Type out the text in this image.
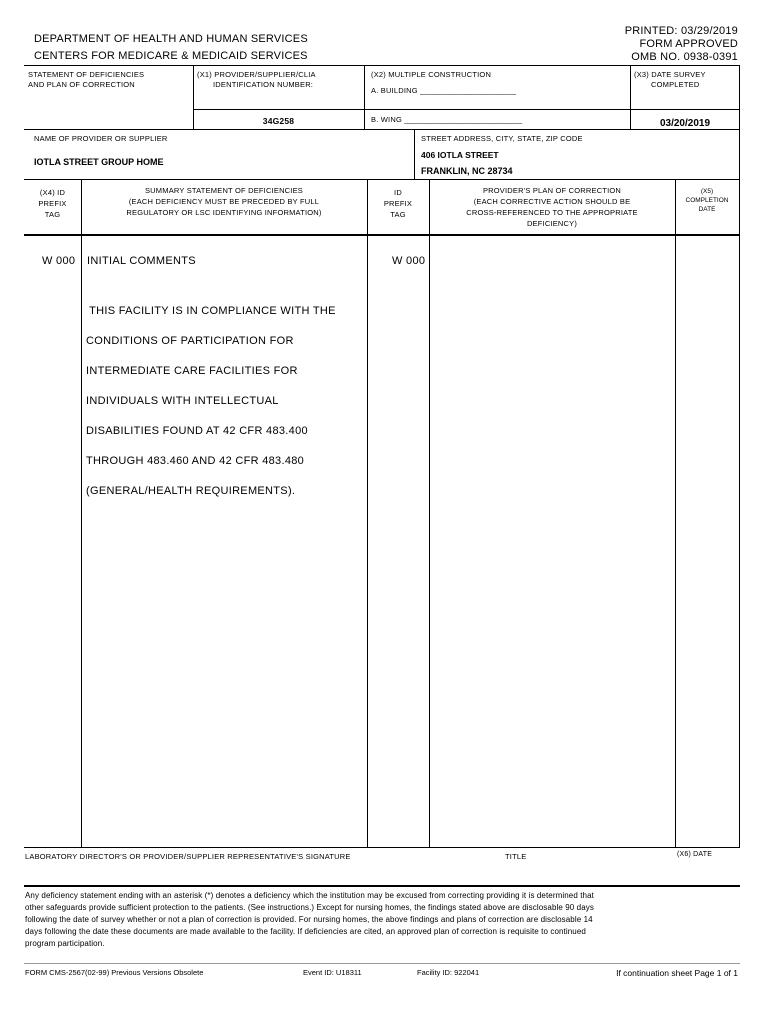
DEPARTMENT OF HEALTH AND HUMAN SERVICES
CENTERS FOR MEDICARE & MEDICAID SERVICES
PRINTED: 03/29/2019
FORM APPROVED
OMB NO. 0938-0391
STATEMENT OF DEFICIENCIES
AND PLAN OF CORRECTION
(X1) PROVIDER/SUPPLIER/CLIA
IDENTIFICATION NUMBER:
34G258
(X2) MULTIPLE CONSTRUCTION
A. BUILDING ______________________
B. WING ___________________________
(X3) DATE SURVEY
COMPLETED
03/20/2019
NAME OF PROVIDER OR SUPPLIER
IOTLA STREET GROUP HOME
STREET ADDRESS, CITY, STATE, ZIP CODE
406 IOTLA STREET
FRANKLIN, NC 28734
(X4) ID
PREFIX
TAG
SUMMARY STATEMENT OF DEFICIENCIES
(EACH DEFICIENCY MUST BE PRECEDED BY FULL
REGULATORY OR LSC IDENTIFYING INFORMATION)
ID
PREFIX
TAG
PROVIDER'S PLAN OF CORRECTION
(EACH CORRECTIVE ACTION SHOULD BE
CROSS-REFERENCED TO THE APPROPRIATE
DEFICIENCY)
(X5)
COMPLETION
DATE
W 000 INITIAL COMMENTS	W 000

THIS FACILITY IS IN COMPLIANCE WITH THE

CONDITIONS OF PARTICIPATION FOR

INTERMEDIATE CARE FACILITIES FOR

INDIVIDUALS WITH INTELLECTUAL

DISABILITIES FOUND AT 42 CFR 483.400

THROUGH 483.460 AND 42 CFR 483.480

(GENERAL/HEALTH REQUIREMENTS).

LABORATORY DIRECTOR'S OR PROVIDER/SUPPLIER REPRESENTATIVE'S SIGNATURE	TITLE	(X6) DATE
Any deficiency statement ending with an asterisk (*) denotes a deficiency which the institution may be excused from correcting providing it is determined that
other safeguards provide sufficient protection to the patients. (See instructions.) Except for nursing homes, the findings stated above are disclosable 90 days
following the date of survey whether or not a plan of correction is provided. For nursing homes, the above findings and plans of correction are disclosable 14
days following the date these documents are made available to the facility. If deficiencies are cited, an approved plan of correction is requisite to continued
program participation.
FORM CMS-2567(02-99) Previous Versions Obsolete	Event ID: U18311	Facility ID: 922041	If continuation sheet Page 1 of 1
